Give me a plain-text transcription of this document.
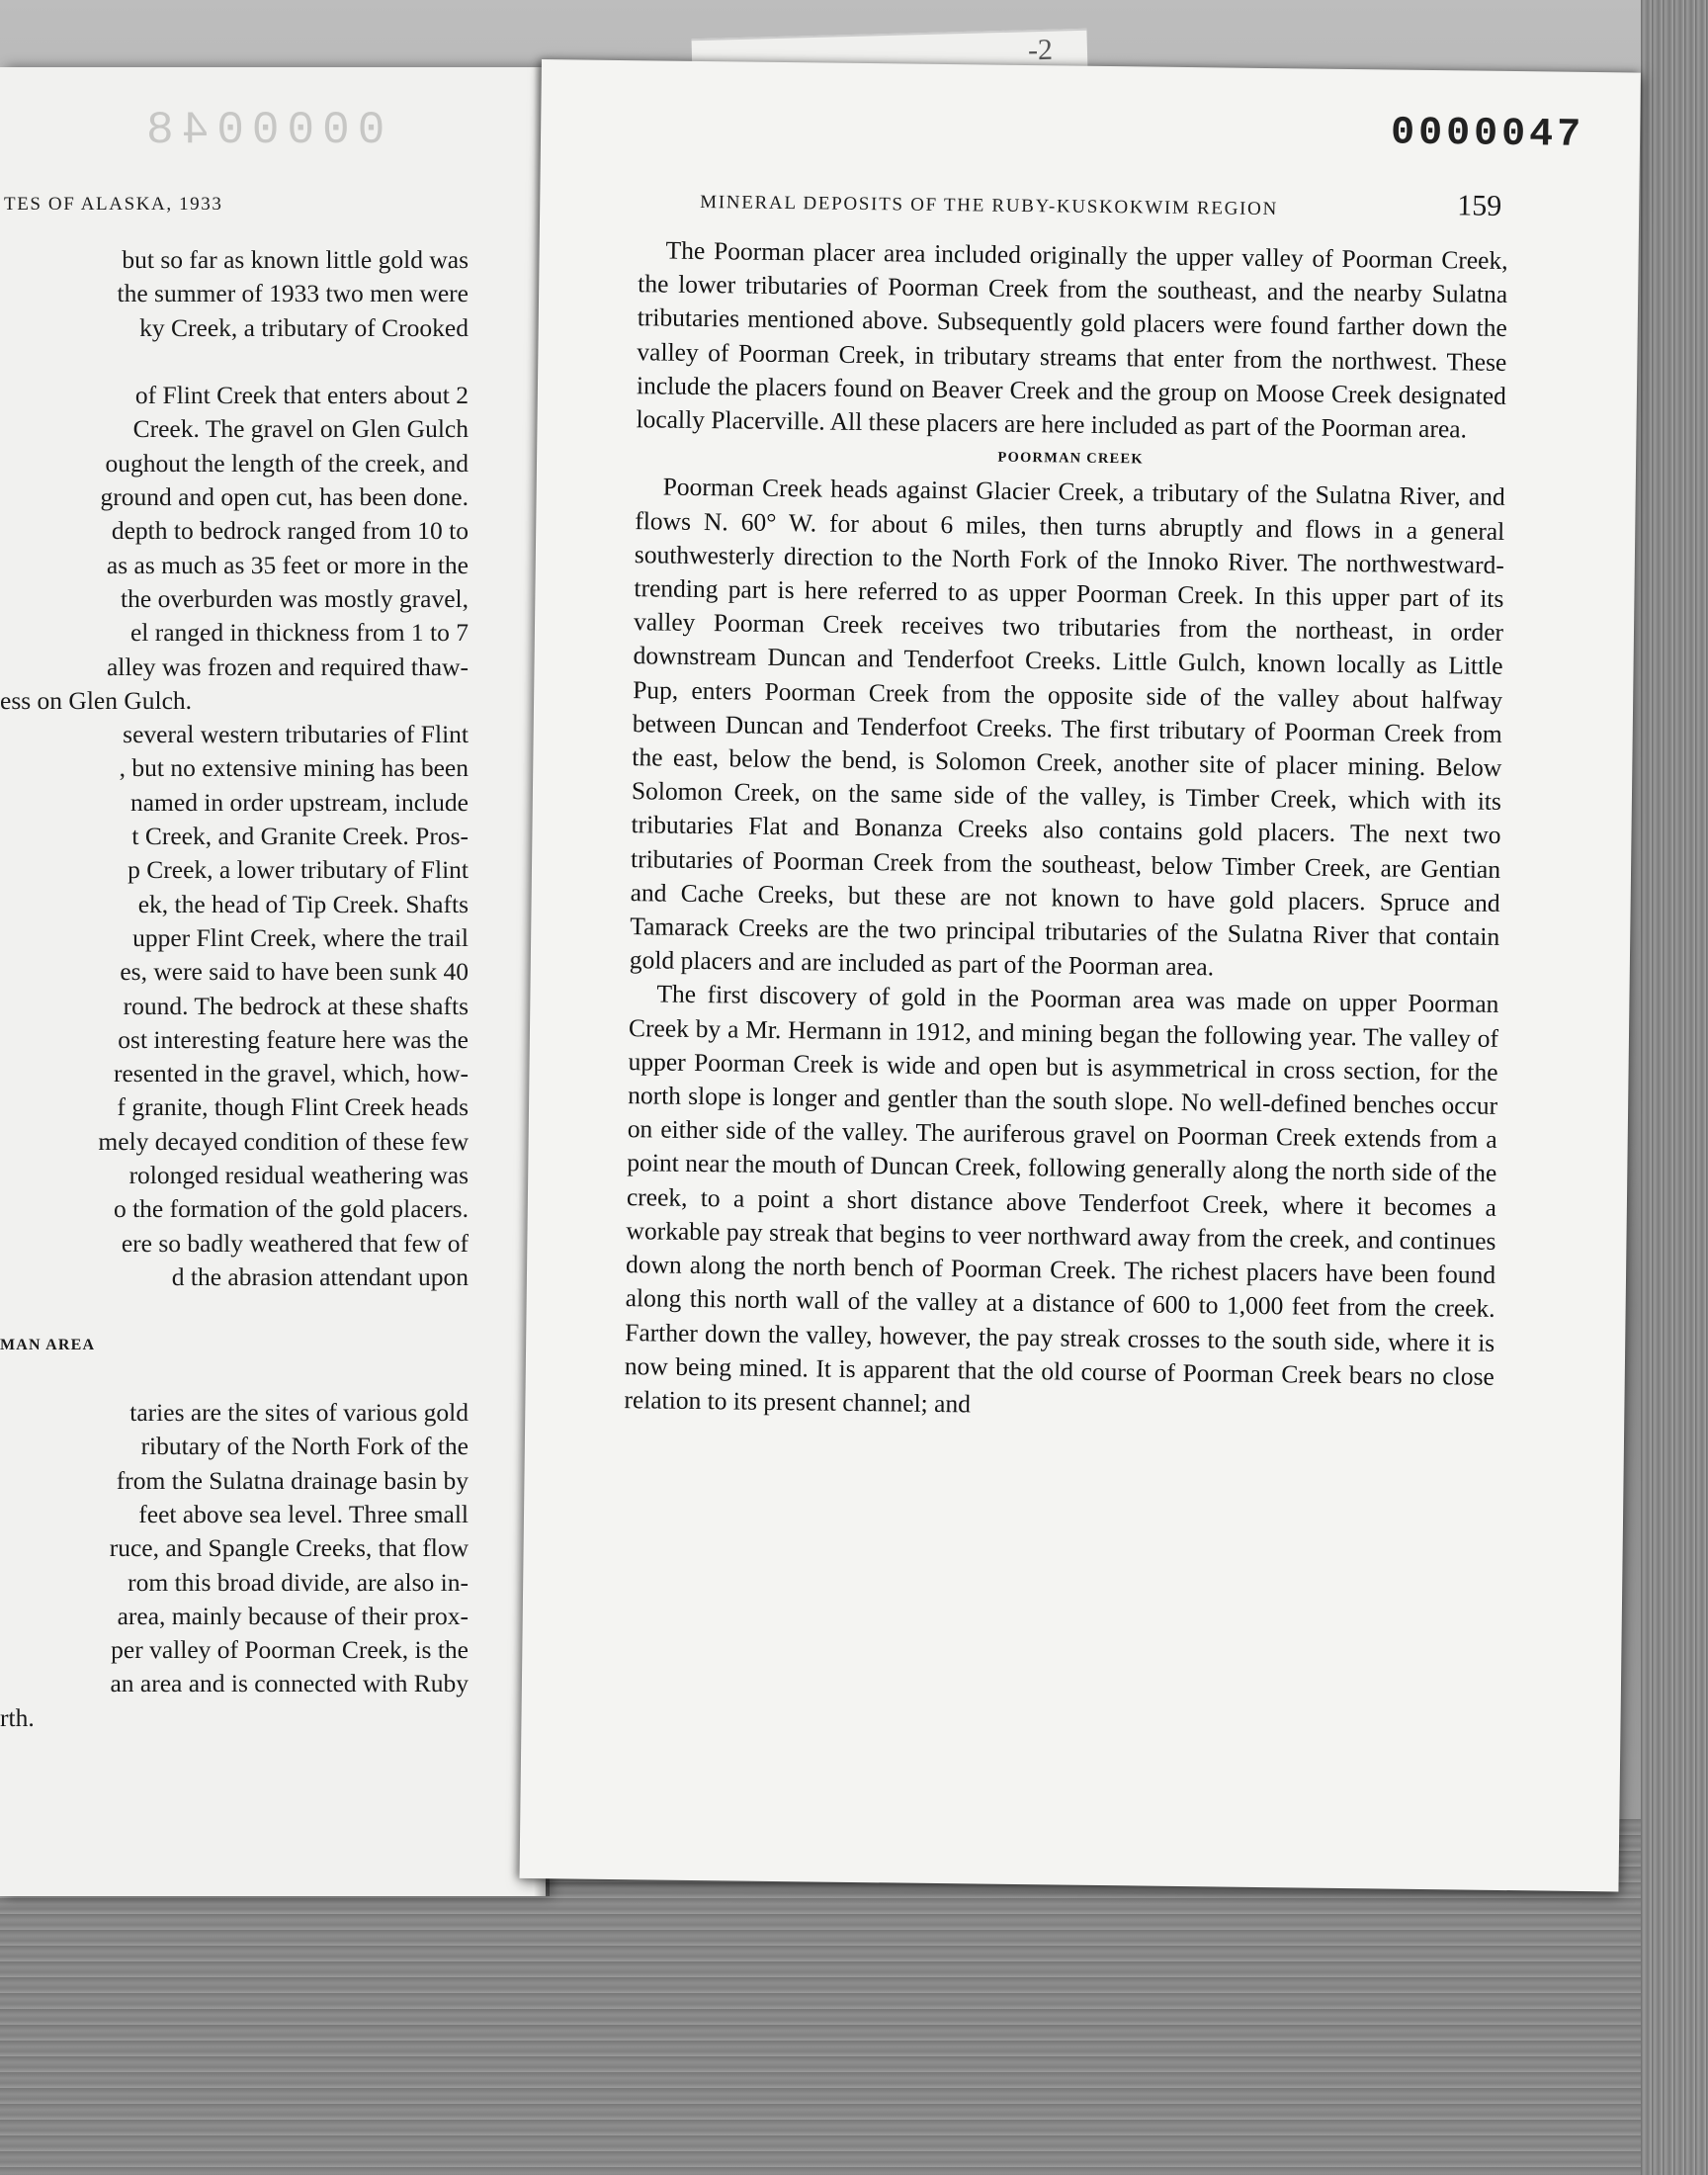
-2
0000048
TES OF ALASKA, 1933
but so far as known little gold was
the summer of 1933 two men were
ky Creek, a tributary of Crooked

of Flint Creek that enters about 2
Creek. The gravel on Glen Gulch
oughout the length of the creek, and
ground and open cut, has been done.
depth to bedrock ranged from 10 to
as as much as 35 feet or more in the
the overburden was mostly gravel,
el ranged in thickness from 1 to 7
alley was frozen and required thaw-
ess on Glen Gulch.
several western tributaries of Flint
, but no extensive mining has been
named in order upstream, include
t Creek, and Granite Creek. Pros-
p Creek, a lower tributary of Flint
ek, the head of Tip Creek. Shafts
upper Flint Creek, where the trail
es, were said to have been sunk 40
round. The bedrock at these shafts
ost interesting feature here was the
resented in the gravel, which, how-
f granite, though Flint Creek heads
mely decayed condition of these few
rolonged residual weathering was
o the formation of the gold placers.
ere so badly weathered that few of
d the abrasion attendant upon

MAN AREA

taries are the sites of various gold
ributary of the North Fork of the
from the Sulatna drainage basin by
feet above sea level. Three small
ruce, and Spangle Creeks, that flow
rom this broad divide, are also in-
area, mainly because of their prox-
per valley of Poorman Creek, is the
an area and is connected with Ruby
rth.
0000047
MINERAL DEPOSITS OF THE RUBY-KUSKOKWIM REGION	159

The Poorman placer area included originally the upper valley of Poorman Creek, the lower tributaries of Poorman Creek from the southeast, and the nearby Sulatna tributaries mentioned above. Subsequently gold placers were found farther down the valley of Poorman Creek, in tributary streams that enter from the northwest. These include the placers found on Beaver Creek and the group on Moose Creek designated locally Placerville. All these placers are here included as part of the Poorman area.

POORMAN CREEK

Poorman Creek heads against Glacier Creek, a tributary of the Sulatna River, and flows N. 60° W. for about 6 miles, then turns abruptly and flows in a general southwesterly direction to the North Fork of the Innoko River. The northwestward-trending part is here referred to as upper Poorman Creek. In this upper part of its valley Poorman Creek receives two tributaries from the northeast, in order downstream Duncan and Tenderfoot Creeks. Little Gulch, known locally as Little Pup, enters Poorman Creek from the opposite side of the valley about halfway between Duncan and Tenderfoot Creeks. The first tributary of Poorman Creek from the east, below the bend, is Solomon Creek, another site of placer mining. Below Solomon Creek, on the same side of the valley, is Timber Creek, which with its tributaries Flat and Bonanza Creeks also contains gold placers. The next two tributaries of Poorman Creek from the southeast, below Timber Creek, are Gentian and Cache Creeks, but these are not known to have gold placers. Spruce and Tamarack Creeks are the two principal tributaries of the Sulatna River that contain gold placers and are included as part of the Poorman area.

The first discovery of gold in the Poorman area was made on upper Poorman Creek by a Mr. Hermann in 1912, and mining began the following year. The valley of upper Poorman Creek is wide and open but is asymmetrical in cross section, for the north slope is longer and gentler than the south slope. No well-defined benches occur on either side of the valley. The auriferous gravel on Poorman Creek extends from a point near the mouth of Duncan Creek, following generally along the north side of the creek, to a point a short distance above Tenderfoot Creek, where it becomes a workable pay streak that begins to veer northward away from the creek, and continues down along the north bench of Poorman Creek. The richest placers have been found along this north wall of the valley at a distance of 600 to 1,000 feet from the creek. Farther down the valley, however, the pay streak crosses to the south side, where it is now being mined. It is apparent that the old course of Poorman Creek bears no close relation to its present channel; and
